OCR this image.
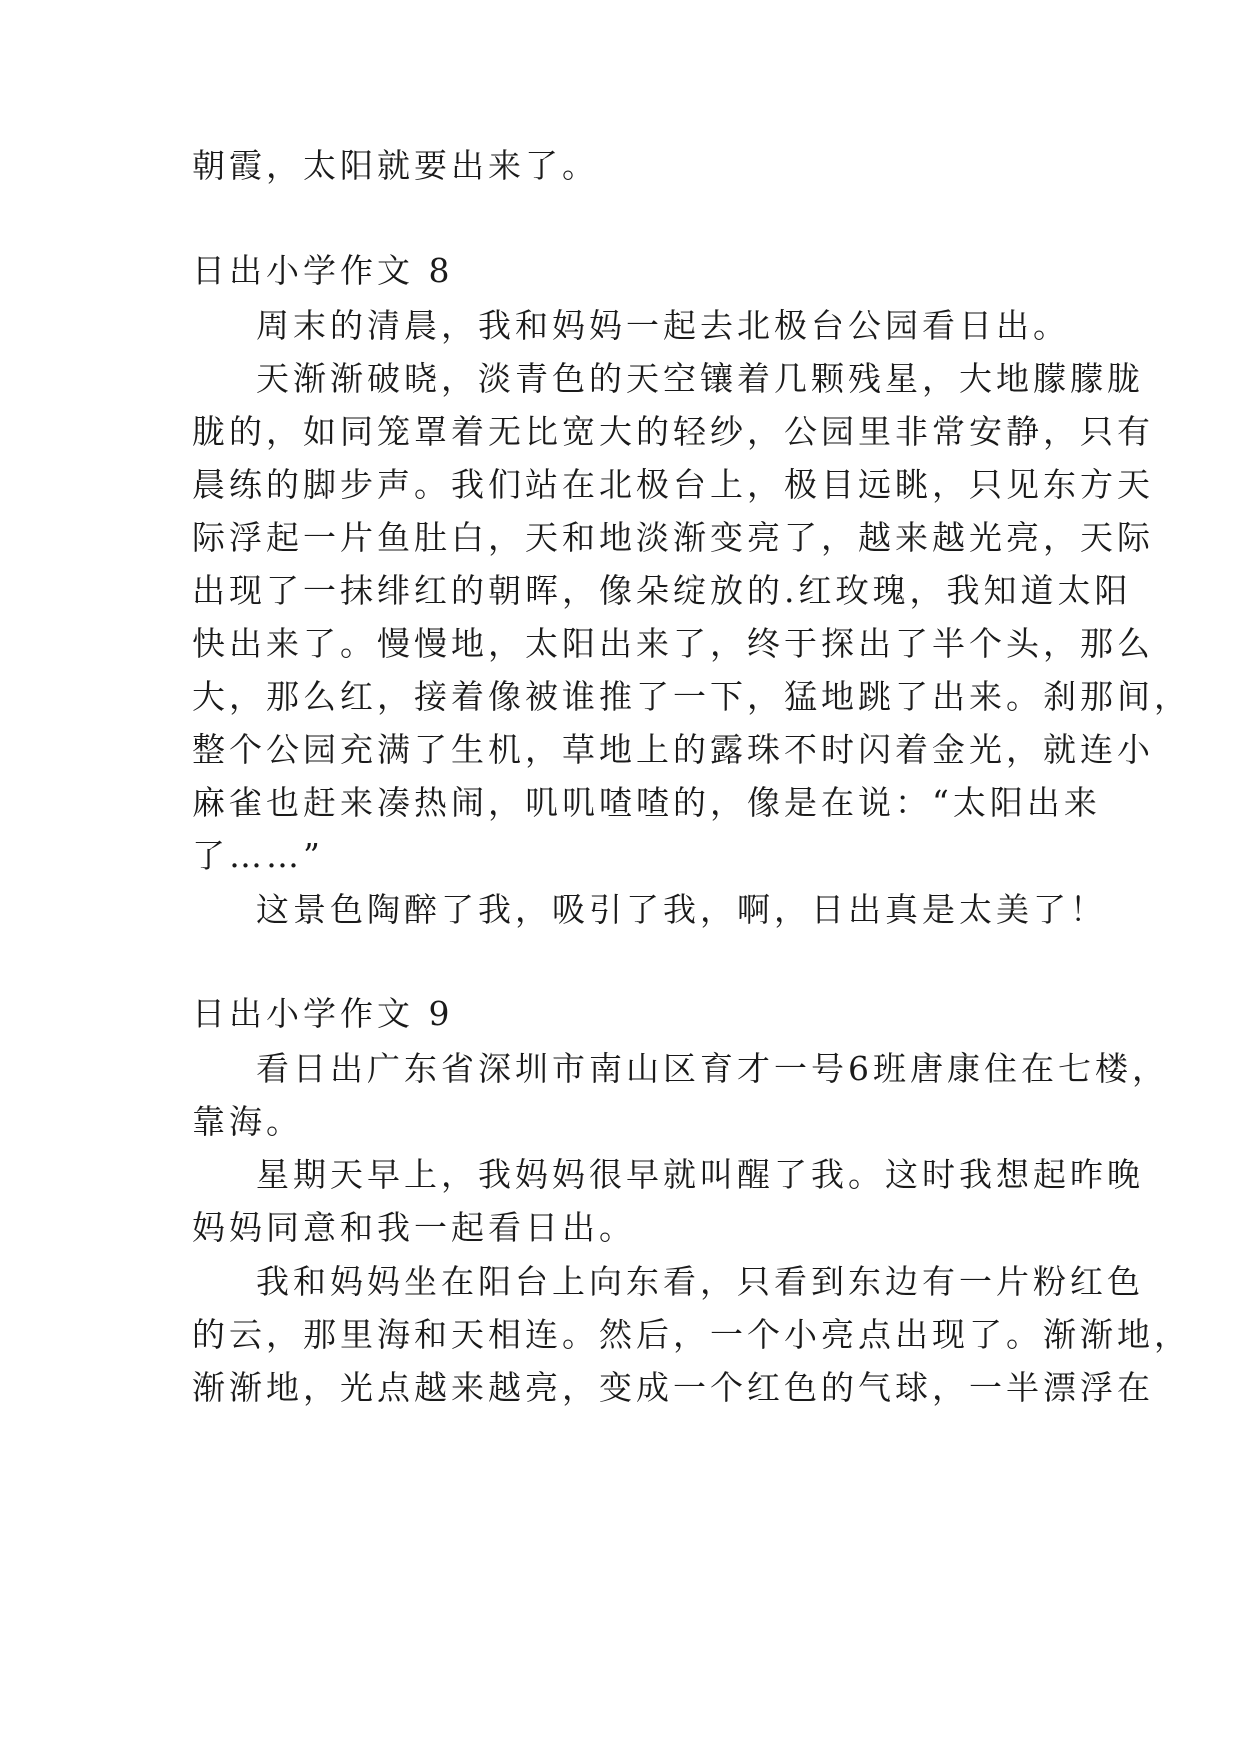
朝霞，太阳就要出来了。
日出小学作文 8
周末的清晨，我和妈妈一起去北极台公园看日出。
天渐渐破晓，淡青色的天空镶着几颗残星，大地朦朦胧
胧的，如同笼罩着无比宽大的轻纱，公园里非常安静，只有
晨练的脚步声。我们站在北极台上，极目远眺，只见东方天
际浮起一片鱼肚白，天和地淡渐变亮了，越来越光亮，天际
出现了一抹绯红的朝晖，像朵绽放的.红玫瑰，我知道太阳
快出来了。慢慢地，太阳出来了，终于探出了半个头，那么
大，那么红，接着像被谁推了一下，猛地跳了出来。刹那间，
整个公园充满了生机，草地上的露珠不时闪着金光，就连小
麻雀也赶来凑热闹，叽叽喳喳的，像是在说：“太阳出来
了……”
这景色陶醉了我，吸引了我，啊，日出真是太美了！
日出小学作文 9
看日出广东省深圳市南山区育才一号6班唐康住在七楼，
靠海。
星期天早上，我妈妈很早就叫醒了我。这时我想起昨晚
妈妈同意和我一起看日出。
我和妈妈坐在阳台上向东看，只看到东边有一片粉红色
的云，那里海和天相连。然后，一个小亮点出现了。渐渐地，
渐渐地，光点越来越亮，变成一个红色的气球，一半漂浮在
